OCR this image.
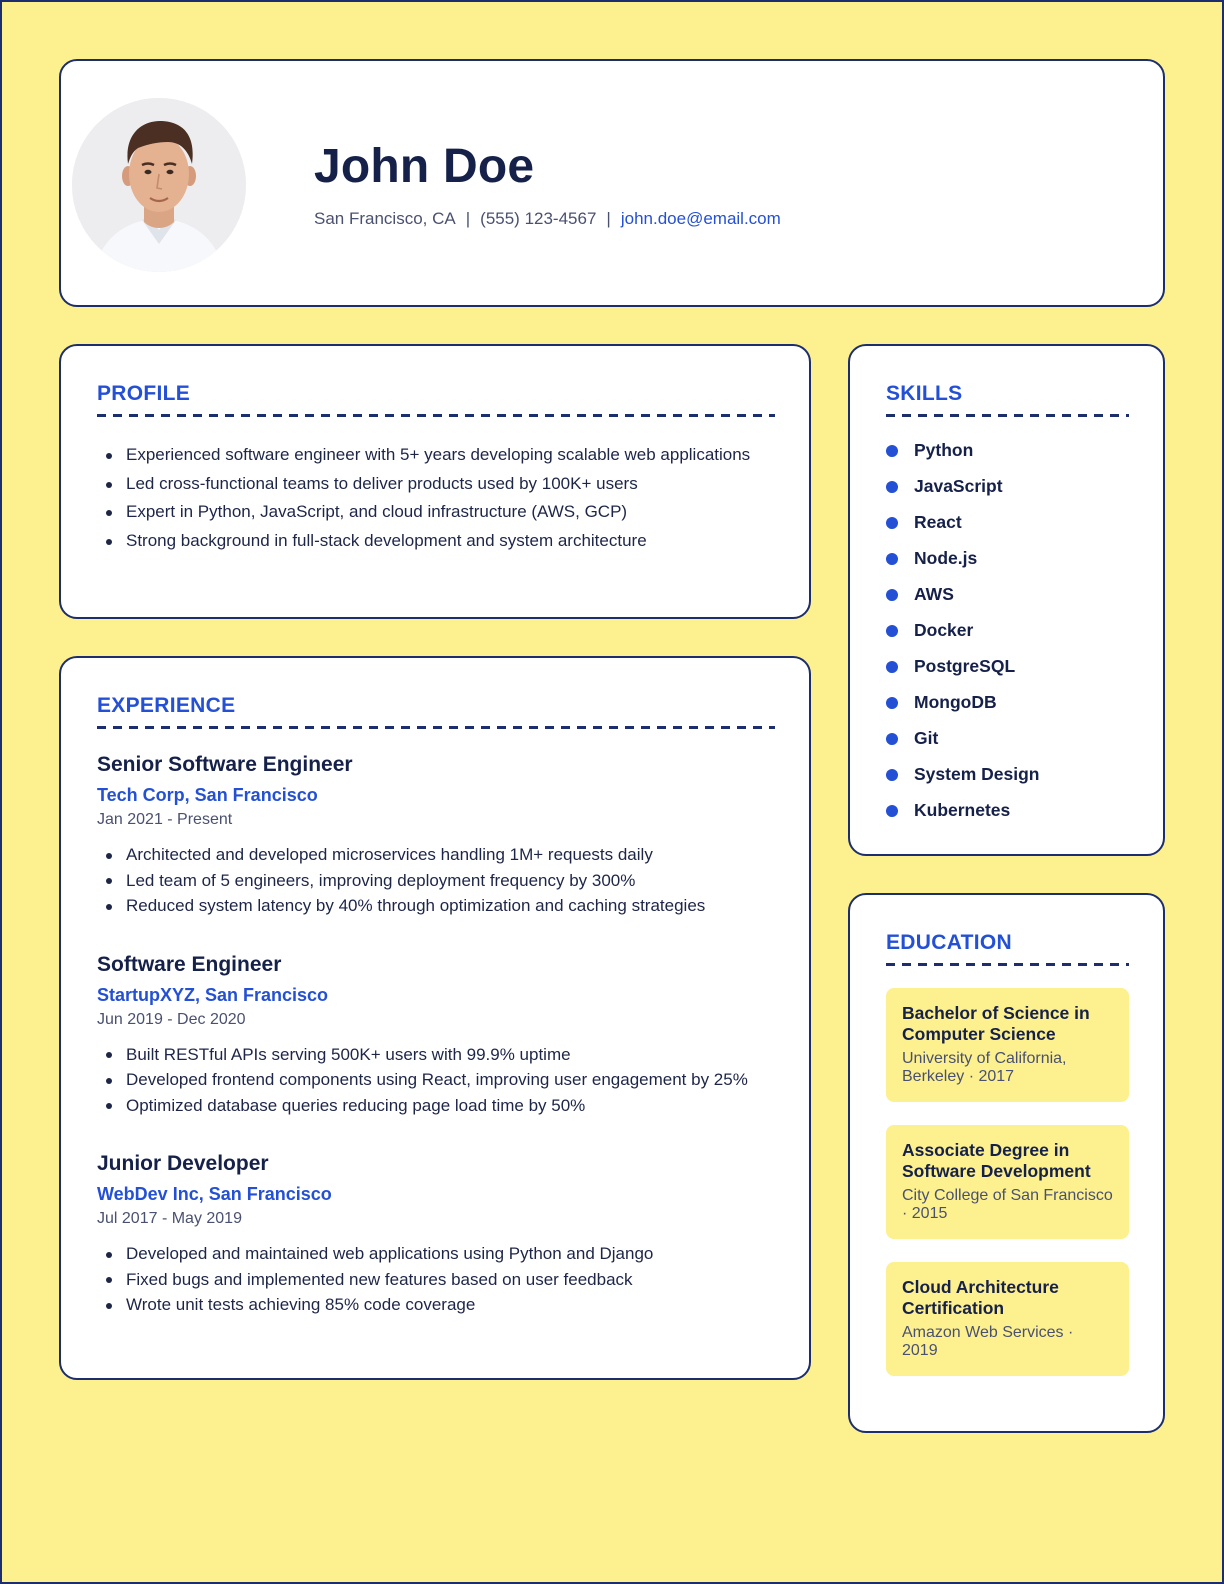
John Doe
San Francisco, CA | (555) 123-4567 | john.doe@email.com
PROFILE
Experienced software engineer with 5+ years developing scalable web applications
Led cross-functional teams to deliver products used by 100K+ users
Expert in Python, JavaScript, and cloud infrastructure (AWS, GCP)
Strong background in full-stack development and system architecture
EXPERIENCE
Senior Software Engineer
Tech Corp, San Francisco
Jan 2021 - Present
Architected and developed microservices handling 1M+ requests daily
Led team of 5 engineers, improving deployment frequency by 300%
Reduced system latency by 40% through optimization and caching strategies
Software Engineer
StartupXYZ, San Francisco
Jun 2019 - Dec 2020
Built RESTful APIs serving 500K+ users with 99.9% uptime
Developed frontend components using React, improving user engagement by 25%
Optimized database queries reducing page load time by 50%
Junior Developer
WebDev Inc, San Francisco
Jul 2017 - May 2019
Developed and maintained web applications using Python and Django
Fixed bugs and implemented new features based on user feedback
Wrote unit tests achieving 85% code coverage
SKILLS
Python
JavaScript
React
Node.js
AWS
Docker
PostgreSQL
MongoDB
Git
System Design
Kubernetes
EDUCATION
Bachelor of Science in Computer Science
University of California, Berkeley · 2017
Associate Degree in Software Development
City College of San Francisco · 2015
Cloud Architecture Certification
Amazon Web Services · 2019
